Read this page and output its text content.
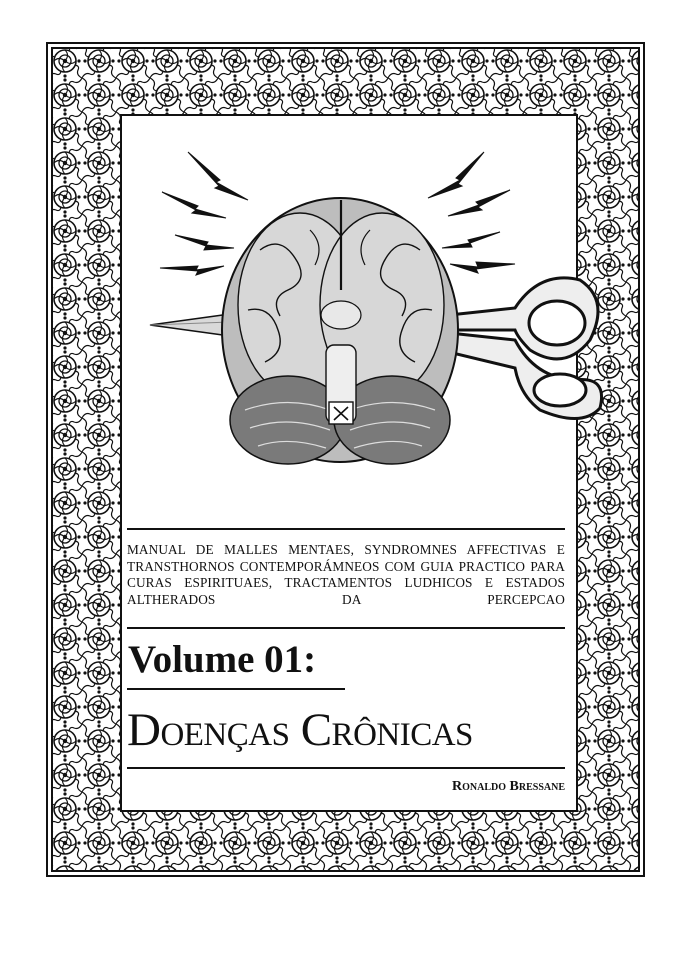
MANUAL DE MALLES MENTAES, SYNDROMNES AFFECTIVAS E TRANSTHORNOS CONTEMPORÁMNEOS COM GUIA PRACTICO PARA CURAS ESPIRITUAES, TRACTAMENTOS LUDHICOS E ESTADOS ALTHERADOS DA PERCEPCAO
Volume 01:
Doenças Crônicas
Ronaldo Bressane
